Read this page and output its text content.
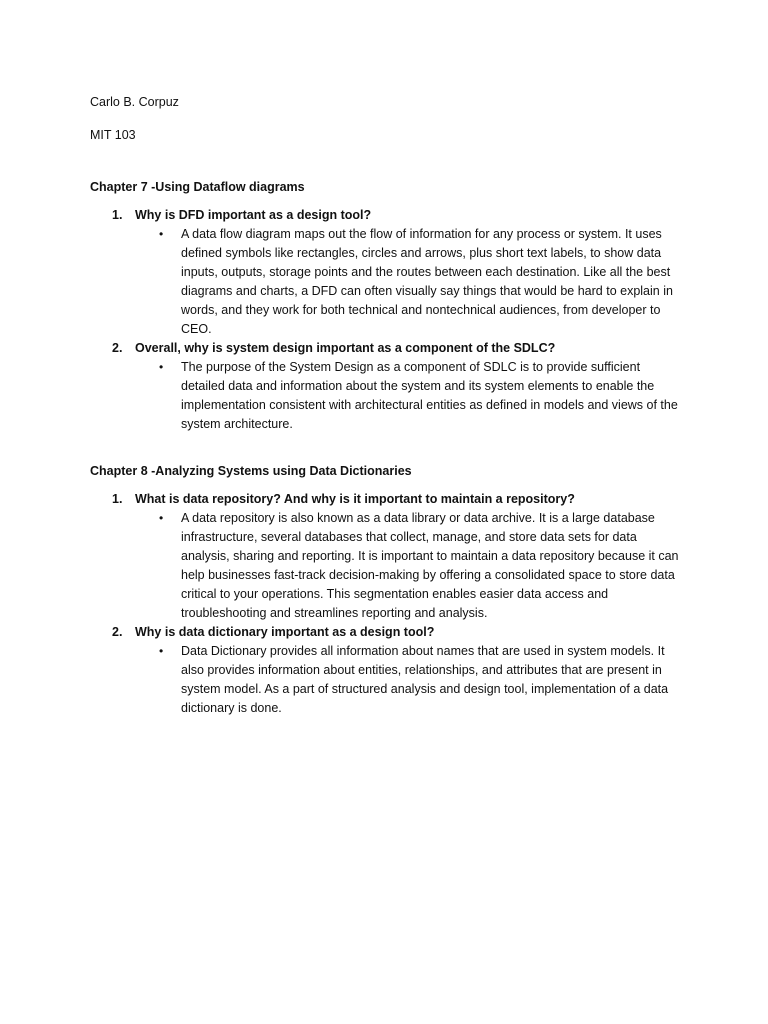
Carlo B. Corpuz
MIT 103
Chapter 7 -Using Dataflow diagrams
1. Why is DFD important as a design tool?
• A data flow diagram maps out the flow of information for any process or system. It uses defined symbols like rectangles, circles and arrows, plus short text labels, to show data inputs, outputs, storage points and the routes between each destination. Like all the best diagrams and charts, a DFD can often visually say things that would be hard to explain in words, and they work for both technical and nontechnical audiences, from developer to CEO.
2. Overall, why is system design important as a component of the SDLC?
• The purpose of the System Design as a component of SDLC is to provide sufficient detailed data and information about the system and its system elements to enable the implementation consistent with architectural entities as defined in models and views of the system architecture.
Chapter 8 -Analyzing Systems using Data Dictionaries
1. What is data repository? And why is it important to maintain a repository?
• A data repository is also known as a data library or data archive. It is a large database infrastructure, several databases that collect, manage, and store data sets for data analysis, sharing and reporting. It is important to maintain a data repository because it can help businesses fast-track decision-making by offering a consolidated space to store data critical to your operations. This segmentation enables easier data access and troubleshooting and streamlines reporting and analysis.
2. Why is data dictionary important as a design tool?
• Data Dictionary provides all information about names that are used in system models. It also provides information about entities, relationships, and attributes that are present in system model. As a part of structured analysis and design tool, implementation of a data dictionary is done.
